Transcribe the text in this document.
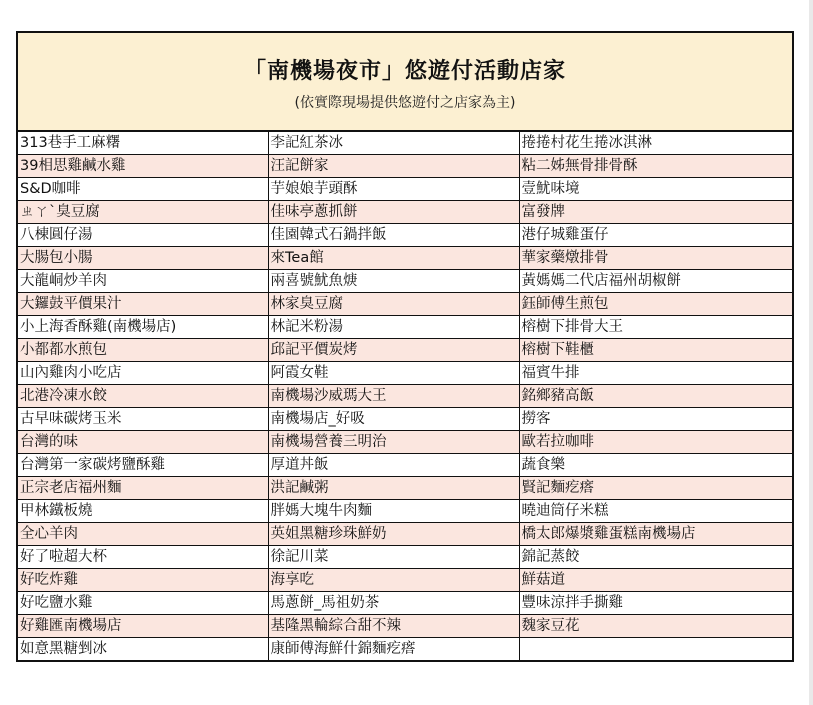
「南機場夜市」悠遊付活動店家
(依實際現場提供悠遊付之店家為主)
313巷手工麻糬	李記紅茶冰	捲捲村花生捲冰淇淋
39相思雞鹹水雞	汪記餅家	粘二姊無骨排骨酥
S&D咖啡	芋娘娘芋頭酥	壹魷味境
ㄓㄚˋ臭豆腐	佳味亭蔥抓餅	富發牌
八棟圓仔湯	佳園韓式石鍋拌飯	港仔城雞蛋仔
大腸包小腸	來Tea館	華家藥燉排骨
大龍峒炒羊肉	兩喜號魷魚焿	黃媽媽二代店福州胡椒餅
大鑼鼓平價果汁	林家臭豆腐	鈺師傅生煎包
小上海香酥雞(南機場店)	林記米粉湯	榕樹下排骨大王
小都都水煎包	邱記平價炭烤	榕樹下鞋櫃
山內雞肉小吃店	阿霞女鞋	福賓牛排
北港冷凍水餃	南機場沙威瑪大王	銘鄉豬高飯
古早味碳烤玉米	南機場店_好吸	撈客
台灣的味	南機場營養三明治	歐若拉咖啡
台灣第一家碳烤鹽酥雞	厚道丼飯	蔬食樂
正宗老店福州麵	洪記鹹粥	賢記麵疙瘩
甲林鐵板燒	胖媽大塊牛肉麵	曉迪筒仔米糕
全心羊肉	英姐黑糖珍珠鮮奶	橋太郎爆漿雞蛋糕南機場店
好了啦超大杯	徐記川菜	錦記蒸餃
好吃炸雞	海享吃	鮮菇道
好吃鹽水雞	馬蔥餅_馬祖奶茶	豐味涼拌手撕雞
好雞匯南機場店	基隆黑輪綜合甜不辣	魏家豆花
如意黑糖剉冰	康師傅海鮮什錦麵疙瘩	
